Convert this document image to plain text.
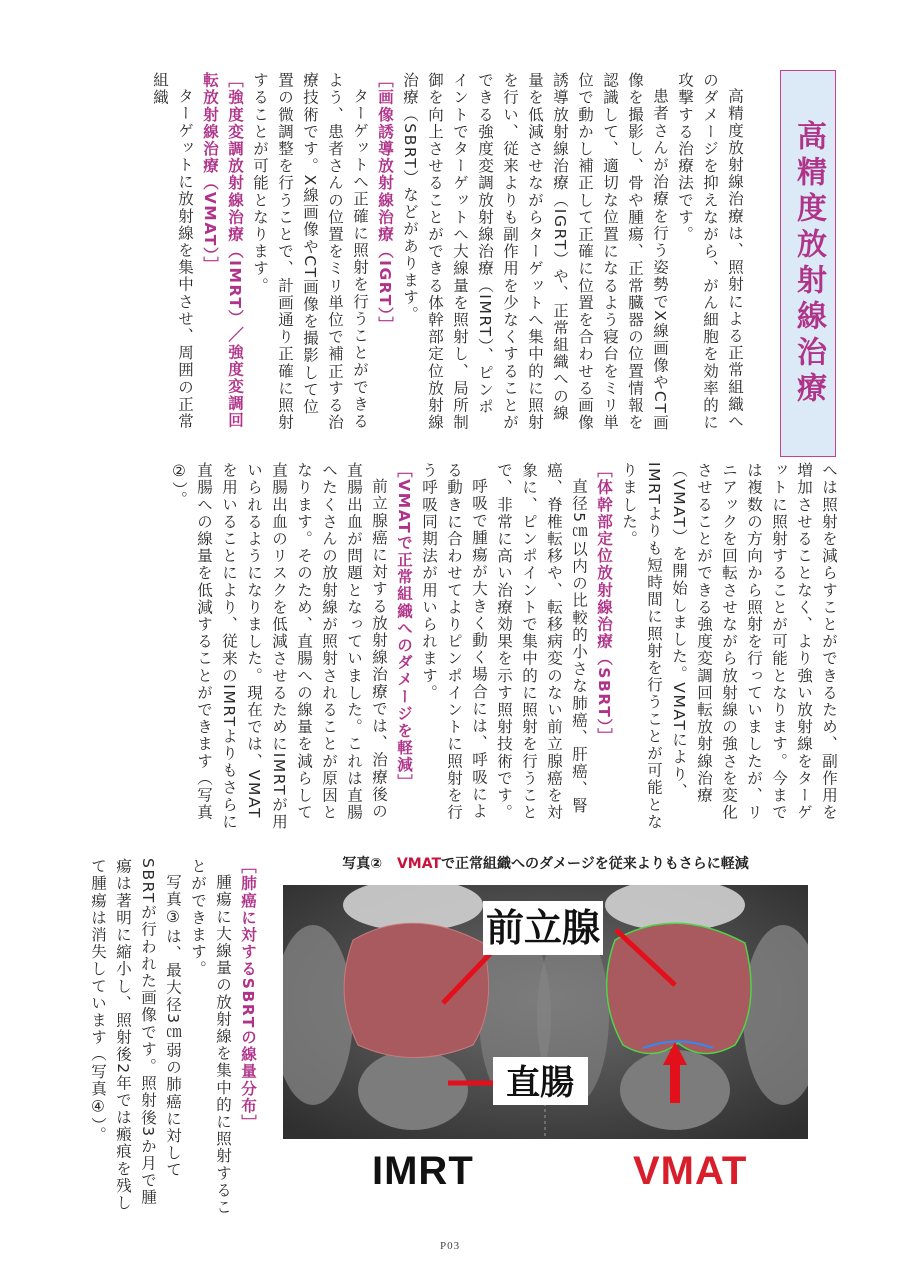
高精度放射線治療

高精度放射線治療は、照射による正常組織へのダメージを抑えながら、がん細胞を効率的に攻撃する治療法です。

患者さんが治療を行う姿勢でX線画像やCT画像を撮影し、骨や腫瘍、正常臓器の位置情報を認識して、適切な位置になるよう寝台をミリ単位で動かし補正して正確に位置を合わせる画像誘導放射線治療（IGRT）や、正常組織への線量を低減させながらターゲットへ集中的に照射を行い、従来よりも副作用を少なくすることができる強度変調放射線治療（IMRT）、ピンポイントでターゲットへ大線量を照射し、局所制御を向上させることができる体幹部定位放射線治療（SBRT）などがあります。

［画像誘導放射線治療（IGRT）］

ターゲットへ正確に照射を行うことができるよう、患者さんの位置をミリ単位で補正する治療技術です。X線画像やCT画像を撮影して位置の微調整を行うことで、計画通り正確に照射することが可能となります。

［強度変調放射線治療（IMRT）／強度変調回転放射線治療（VMAT）］

ターゲットに放射線を集中させ、周囲の正常組織

へは照射を減らすことができるため、副作用を増加させることなく、より強い放射線をターゲットに照射することが可能となります。今までは複数の方向から照射を行っていましたが、リニアックを回転させながら放射線の強さを変化させることができる強度変調回転放射線治療（VMAT）を開始しました。VMATにより、IMRTよりも短時間に照射を行うことが可能となりました。

［体幹部定位放射線治療（SBRT）］

直径5㎝以内の比較的小さな肺癌、肝癌、腎癌、脊椎転移や、転移病変のない前立腺癌を対象に、ピンポイントで集中的に照射を行うことで、非常に高い治療効果を示す照射技術です。

呼吸で腫瘍が大きく動く場合には、呼吸による動きに合わせてよりピンポイントに照射を行う呼吸同期法が用いられます。

［VMATで正常組織へのダメージを軽減］

前立腺癌に対する放射線治療では、治療後の直腸出血が問題となっていました。これは直腸へたくさんの放射線が照射されることが原因となります。そのため、直腸への線量を減らして直腸出血のリスクを低減させるためにIMRTが用いられるようになりました。現在では、VMATを用いることにより、従来のIMRTよりもさらに直腸への線量を低減することができます（写真②）。

写真② VMATで正常組織へのダメージを従来よりもさらに軽減
前立腺
直腸
IMRT	VMAT
［肺癌に対するSBRTの線量分布］

腫瘍に大線量の放射線を集中的に照射することができます。

写真③は、最大径3㎝弱の肺癌に対してSBRTが行われた画像です。照射後3か月で腫瘍は著明に縮小し、照射後2年では瘢痕を残して腫瘍は消失しています（写真④）。

P03
